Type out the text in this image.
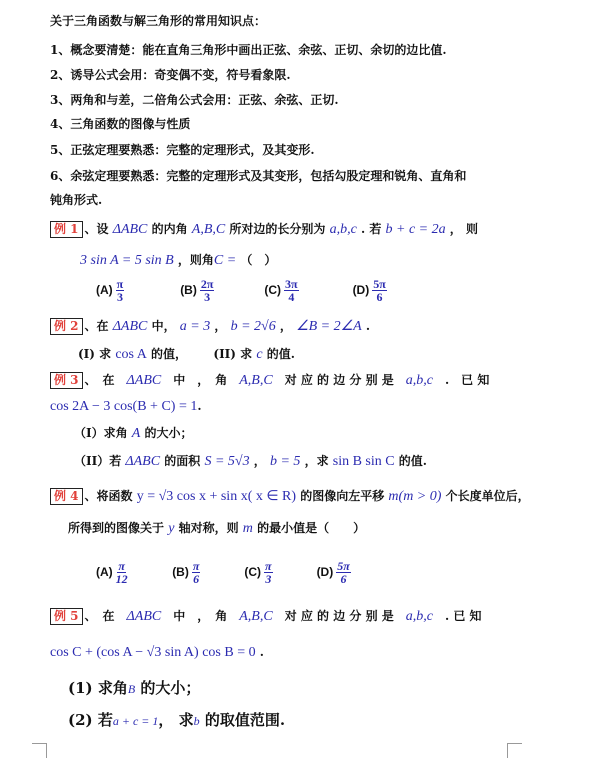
关于三角函数与解三角形的常用知识点：
1、概念要清楚：能在直角三角形中画出正弦、余弦、正切、余切的边比值.
2、诱导公式会用：奇变偶不变，符号看象限.
3、两角和与差，二倍角公式会用：正弦、余弦、正切.
4、三角函数的图像与性质
5、正弦定理要熟悉：完整的定理形式，及其变形.
6、余弦定理要熟悉：完整的定理形式及其变形，包括勾股定理和锐角、直角和
钝角形式.
例 1 、设 ΔABC 的内角 A,B,C 所对边的长分别为 a,b,c . 若 b + c = 2a ， 则
3 sin A = 5 sin B ，则角C = （　）
$(A) \frac{\pi}{3}$	$(B) \frac{2\pi}{3}$	$(C) \frac{3\pi}{4}$	$(D) \frac{5\pi}{6}$
例 2 、在 ΔABC 中， a = 3 ， b = 2√6 ， ∠B = 2∠A .
(I) 求 cos A 的值， (II) 求 c 的值.
例 3 、　在　ΔABC　中　，　角　A,B,C　对 应 的 边 分 别 是　a,b,c　.　已 知
cos 2A − 3 cos(B + C) = 1.
（I）求角 A 的大小；
（II）若 ΔABC 的面积 S = 5√3 ， b = 5 ，求 sin B sin C 的值.
例 4 、将函数 y = √3 cos x + sin x( x ∈ R) 的图像向左平移 m(m > 0) 个长度单位后，
所得到的图像关于 y 轴对称，则 m 的最小值是（　　）
$(A) \frac{\pi}{12}$	$(B) \frac{\pi}{6}$	$(C) \frac{\pi}{3}$	$(D) \frac{5\pi}{6}$
例 5 、　在　ΔABC　中　，　角　A,B,C　对 应 的 边 分 别 是　a,b,c　. 已 知
cos C + (cos A − √3 sin A) cos B = 0 .
(1) 求角B 的大小；
(2) 若a + c = 1， 求b 的取值范围.
